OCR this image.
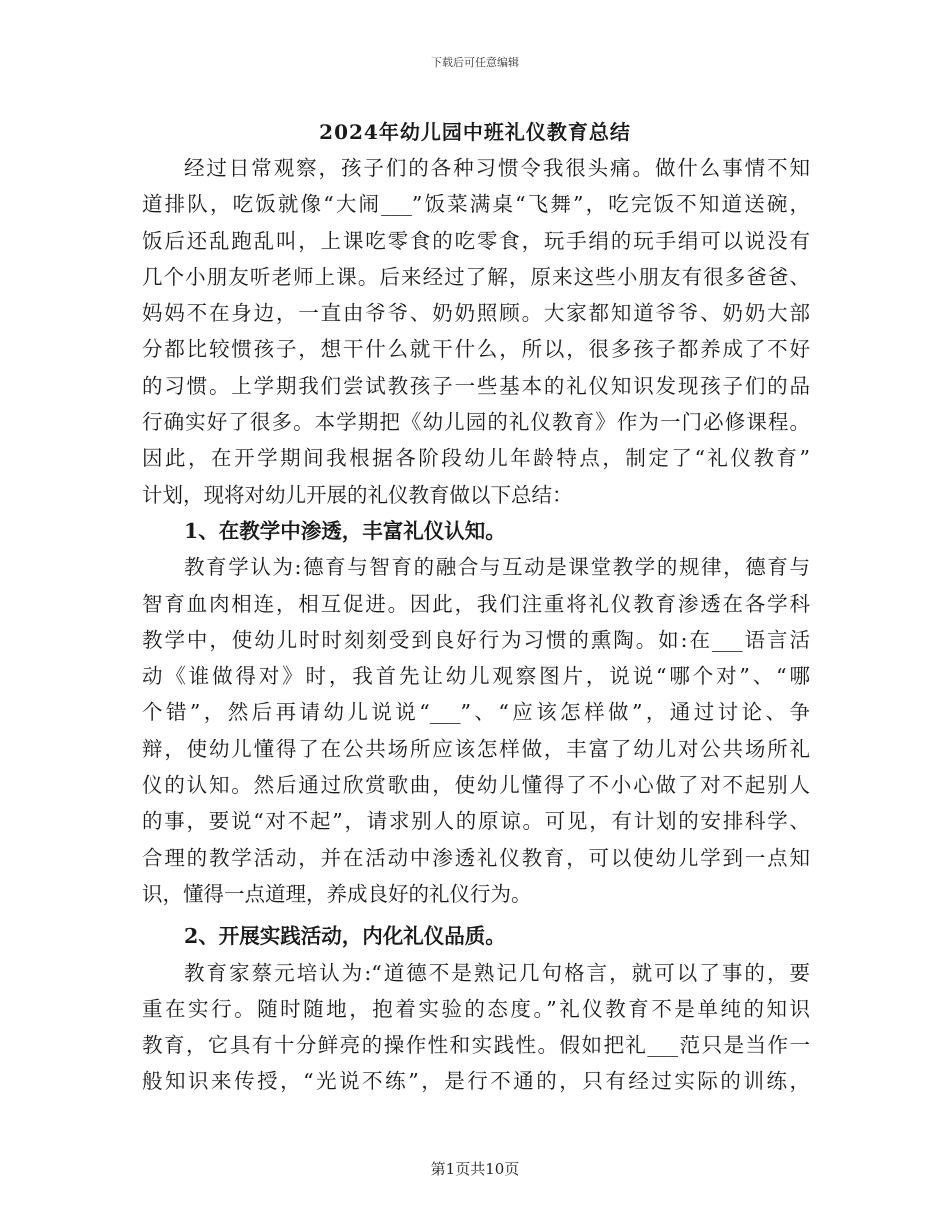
下载后可任意编辑
2024年幼儿园中班礼仪教育总结
经过日常观察，孩子们的各种习惯令我很头痛。做什么事情不知
道排队，吃饭就像“大闹___”饭菜满桌“飞舞”，吃完饭不知道送碗，
饭后还乱跑乱叫，上课吃零食的吃零食，玩手绢的玩手绢可以说没有
几个小朋友听老师上课。后来经过了解，原来这些小朋友有很多爸爸、
妈妈不在身边，一直由爷爷、奶奶照顾。大家都知道爷爷、奶奶大部
分都比较惯孩子，想干什么就干什么，所以，很多孩子都养成了不好
的习惯。上学期我们尝试教孩子一些基本的礼仪知识发现孩子们的品
行确实好了很多。本学期把《幼儿园的礼仪教育》作为一门必修课程。
因此，在开学期间我根据各阶段幼儿年龄特点，制定了“礼仪教育”
计划，现将对幼儿开展的礼仪教育做以下总结：
1、在教学中渗透，丰富礼仪认知。
教育学认为:德育与智育的融合与互动是课堂教学的规律，德育与
智育血肉相连，相互促进。因此，我们注重将礼仪教育渗透在各学科
教学中，使幼儿时时刻刻受到良好行为习惯的熏陶。如:在___语言活
动《谁做得对》时，我首先让幼儿观察图片，说说“哪个对”、“哪
个错”，然后再请幼儿说说“___”、“应该怎样做”，通过讨论、争
辩，使幼儿懂得了在公共场所应该怎样做，丰富了幼儿对公共场所礼
仪的认知。然后通过欣赏歌曲，使幼儿懂得了不小心做了对不起别人
的事，要说“对不起”，请求别人的原谅。可见，有计划的安排科学、
合理的教学活动，并在活动中渗透礼仪教育，可以使幼儿学到一点知
识，懂得一点道理，养成良好的礼仪行为。
2、开展实践活动，内化礼仪品质。
教育家蔡元培认为:“道德不是熟记几句格言，就可以了事的，要
重在实行。随时随地，抱着实验的态度。”礼仪教育不是单纯的知识
教育，它具有十分鲜亮的操作性和实践性。假如把礼___范只是当作一
般知识来传授，“光说不练”，是行不通的，只有经过实际的训练，
第1页共10页
